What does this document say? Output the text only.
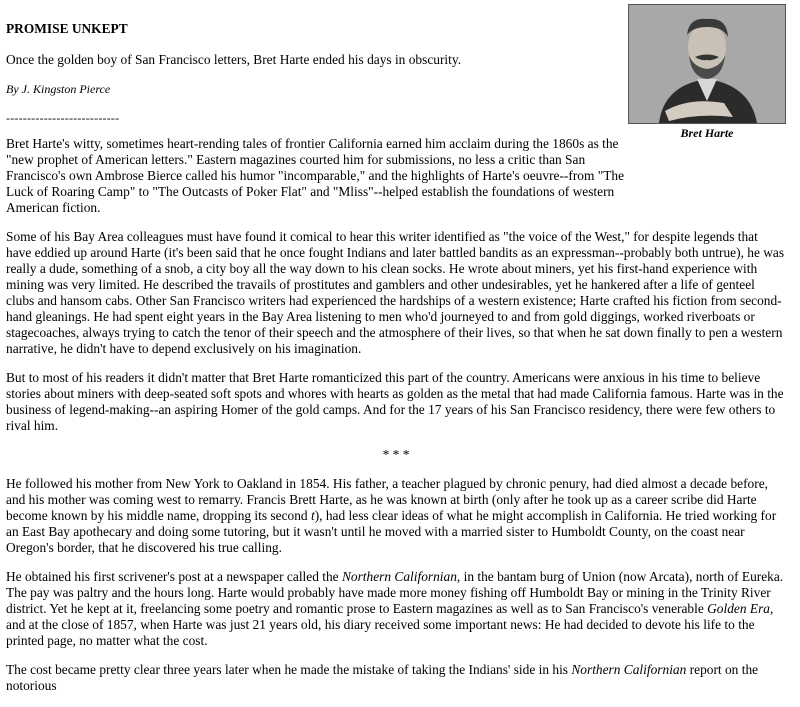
PROMISE UNKEPT

Once the golden boy of San Francisco letters, Bret Harte ended his days in obscurity.

By J. Kingston Pierce

---------------------------

Bret Harte

Bret Harte's witty, sometimes heart-rending tales of frontier California earned him acclaim during the 1860s as the "new prophet of American letters." Eastern magazines courted him for submissions, no less a critic than San Francisco's own Ambrose Bierce called his humor "incomparable," and the highlights of Harte's oeuvre--from "The Luck of Roaring Camp" to "The Outcasts of Poker Flat" and "Mliss"--helped establish the foundations of western American fiction.

Some of his Bay Area colleagues must have found it comical to hear this writer identified as "the voice of the West," for despite legends that have eddied up around Harte (it's been said that he once fought Indians and later battled bandits as an expressman--probably both untrue), he was really a dude, something of a snob, a city boy all the way down to his clean socks. He wrote about miners, yet his first-hand experience with mining was very limited. He described the travails of prostitutes and gamblers and other undesirables, yet he hankered after a life of genteel clubs and hansom cabs. Other San Francisco writers had experienced the hardships of a western existence; Harte crafted his fiction from second-hand gleanings. He had spent eight years in the Bay Area listening to men who'd journeyed to and from gold diggings, worked riverboats or stagecoaches, always trying to catch the tenor of their speech and the atmosphere of their lives, so that when he sat down finally to pen a western narrative, he didn't have to depend exclusively on his imagination.

But to most of his readers it didn't matter that Bret Harte romanticized this part of the country. Americans were anxious in his time to believe stories about miners with deep-seated soft spots and whores with hearts as golden as the metal that had made California famous. Harte was in the business of legend-making--an aspiring Homer of the gold camps. And for the 17 years of his San Francisco residency, there were few others to rival him.

* * *

He followed his mother from New York to Oakland in 1854. His father, a teacher plagued by chronic penury, had died almost a decade before, and his mother was coming west to remarry. Francis Brett Harte, as he was known at birth (only after he took up as a career scribe did Harte become known by his middle name, dropping its second t), had less clear ideas of what he might accomplish in California. He tried working for an East Bay apothecary and doing some tutoring, but it wasn't until he moved with a married sister to Humboldt County, on the coast near Oregon's border, that he discovered his true calling.

He obtained his first scrivener's post at a newspaper called the Northern Californian, in the bantam burg of Union (now Arcata), north of Eureka. The pay was paltry and the hours long. Harte would probably have made more money fishing off Humboldt Bay or mining in the Trinity River district. Yet he kept at it, freelancing some poetry and romantic prose to Eastern magazines as well as to San Francisco's venerable Golden Era, and at the close of 1857, when Harte was just 21 years old, his diary received some important news: He had decided to devote his life to the printed page, no matter what the cost.

The cost became pretty clear three years later when he made the mistake of taking the Indians' side in his Northern Californian report on the notorious
